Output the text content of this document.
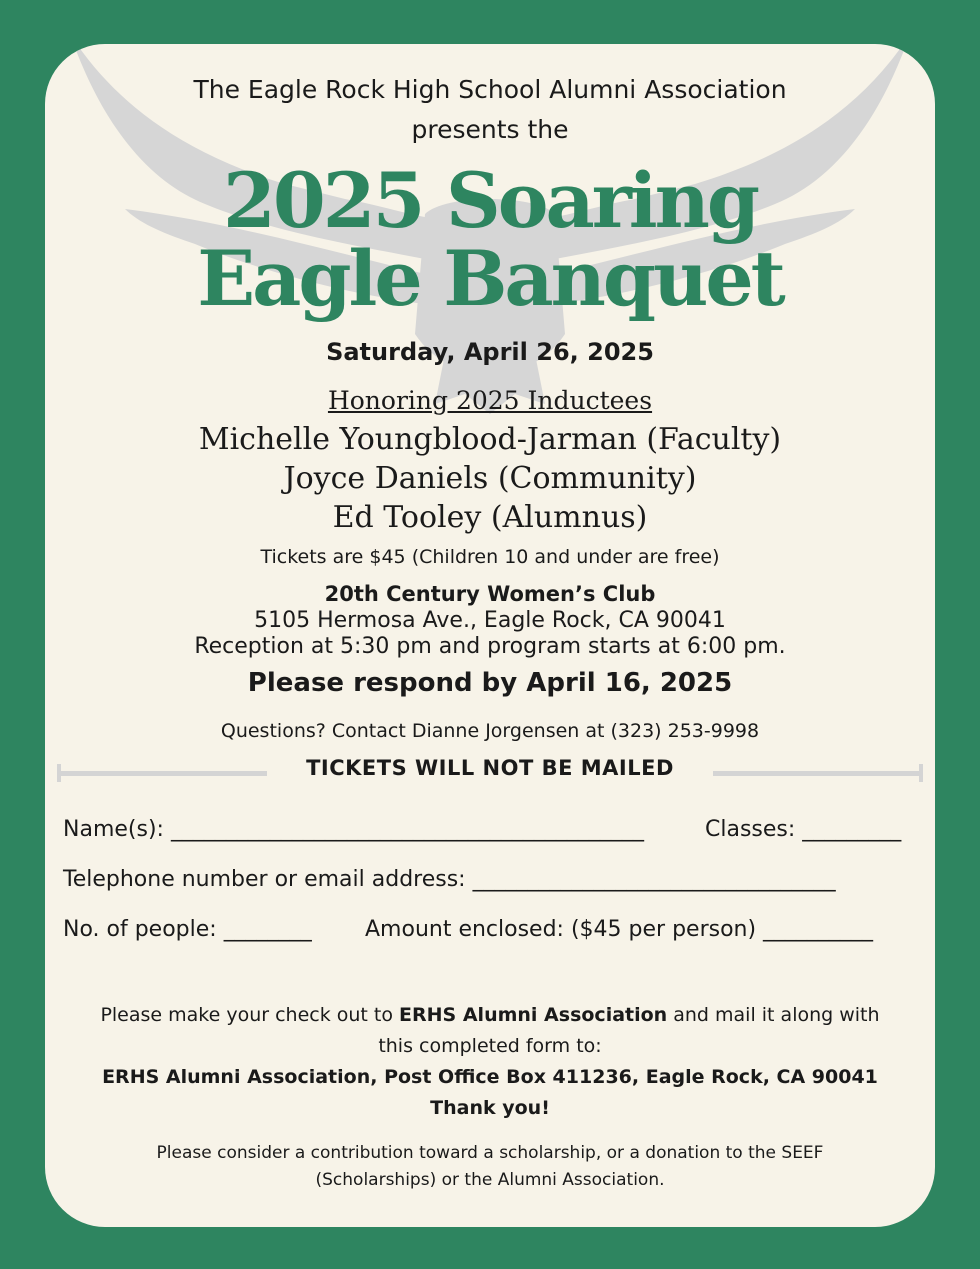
The Eagle Rock High School Alumni Association
presents the
2025 Soaring
Eagle Banquet
Saturday, April 26, 2025
Honoring 2025 Inductees
Michelle Youngblood-Jarman (Faculty)
Joyce Daniels (Community)
Ed Tooley (Alumnus)
Tickets are $45 (Children 10 and under are free)
20th Century Women’s Club
5105 Hermosa Ave., Eagle Rock, CA 90041
Reception at 5:30 pm and program starts at 6:00 pm.
Please respond by April 16, 2025
Questions? Contact Dianne Jorgensen at (323) 253-9998
TICKETS WILL NOT BE MAILED
Name(s): ___________________________________________	Classes: _________
Telephone number or email address: _________________________________
No. of people: ________ Amount enclosed: ($45 per person) __________
Please make your check out to ERHS Alumni Association and mail it along with
this completed form to:
ERHS Alumni Association, Post Office Box 411236, Eagle Rock, CA 90041
Thank you!
Please consider a contribution toward a scholarship, or a donation to the SEEF
(Scholarships) or the Alumni Association.
